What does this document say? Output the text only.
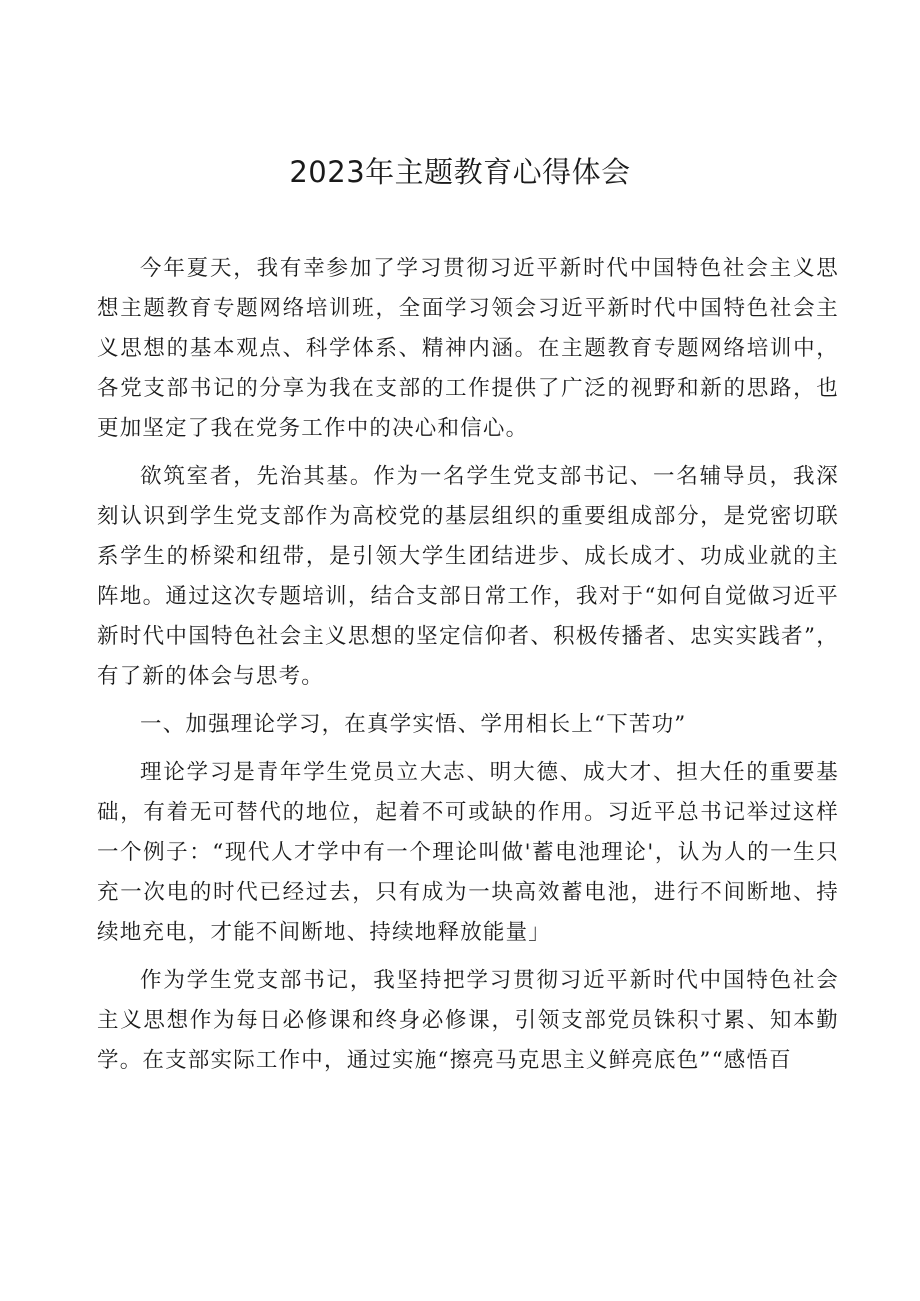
2023年主题教育心得体会

今年夏天，我有幸参加了学习贯彻习近平新时代中国特色社会主义思想主题教育专题网络培训班，全面学习领会习近平新时代中国特色社会主义思想的基本观点、科学体系、精神内涵。在主题教育专题网络培训中，各党支部书记的分享为我在支部的工作提供了广泛的视野和新的思路，也更加坚定了我在党务工作中的决心和信心。

欲筑室者，先治其基。作为一名学生党支部书记、一名辅导员，我深刻认识到学生党支部作为高校党的基层组织的重要组成部分，是党密切联系学生的桥梁和纽带，是引领大学生团结进步、成长成才、功成业就的主阵地。通过这次专题培训，结合支部日常工作，我对于“如何自觉做习近平新时代中国特色社会主义思想的坚定信仰者、积极传播者、忠实实践者”，有了新的体会与思考。

一、加强理论学习，在真学实悟、学用相长上“下苦功”

理论学习是青年学生党员立大志、明大德、成大才、担大任的重要基础，有着无可替代的地位，起着不可或缺的作用。习近平总书记举过这样一个例子：“现代人才学中有一个理论叫做'蓄电池理论'，认为人的一生只充一次电的时代已经过去，只有成为一块高效蓄电池，进行不间断地、持续地充电，才能不间断地、持续地释放能量」

作为学生党支部书记，我坚持把学习贯彻习近平新时代中国特色社会主义思想作为每日必修课和终身必修课，引领支部党员铢积寸累、知本勤学。在支部实际工作中，通过实施“擦亮马克思主义鲜亮底色”“感悟百
